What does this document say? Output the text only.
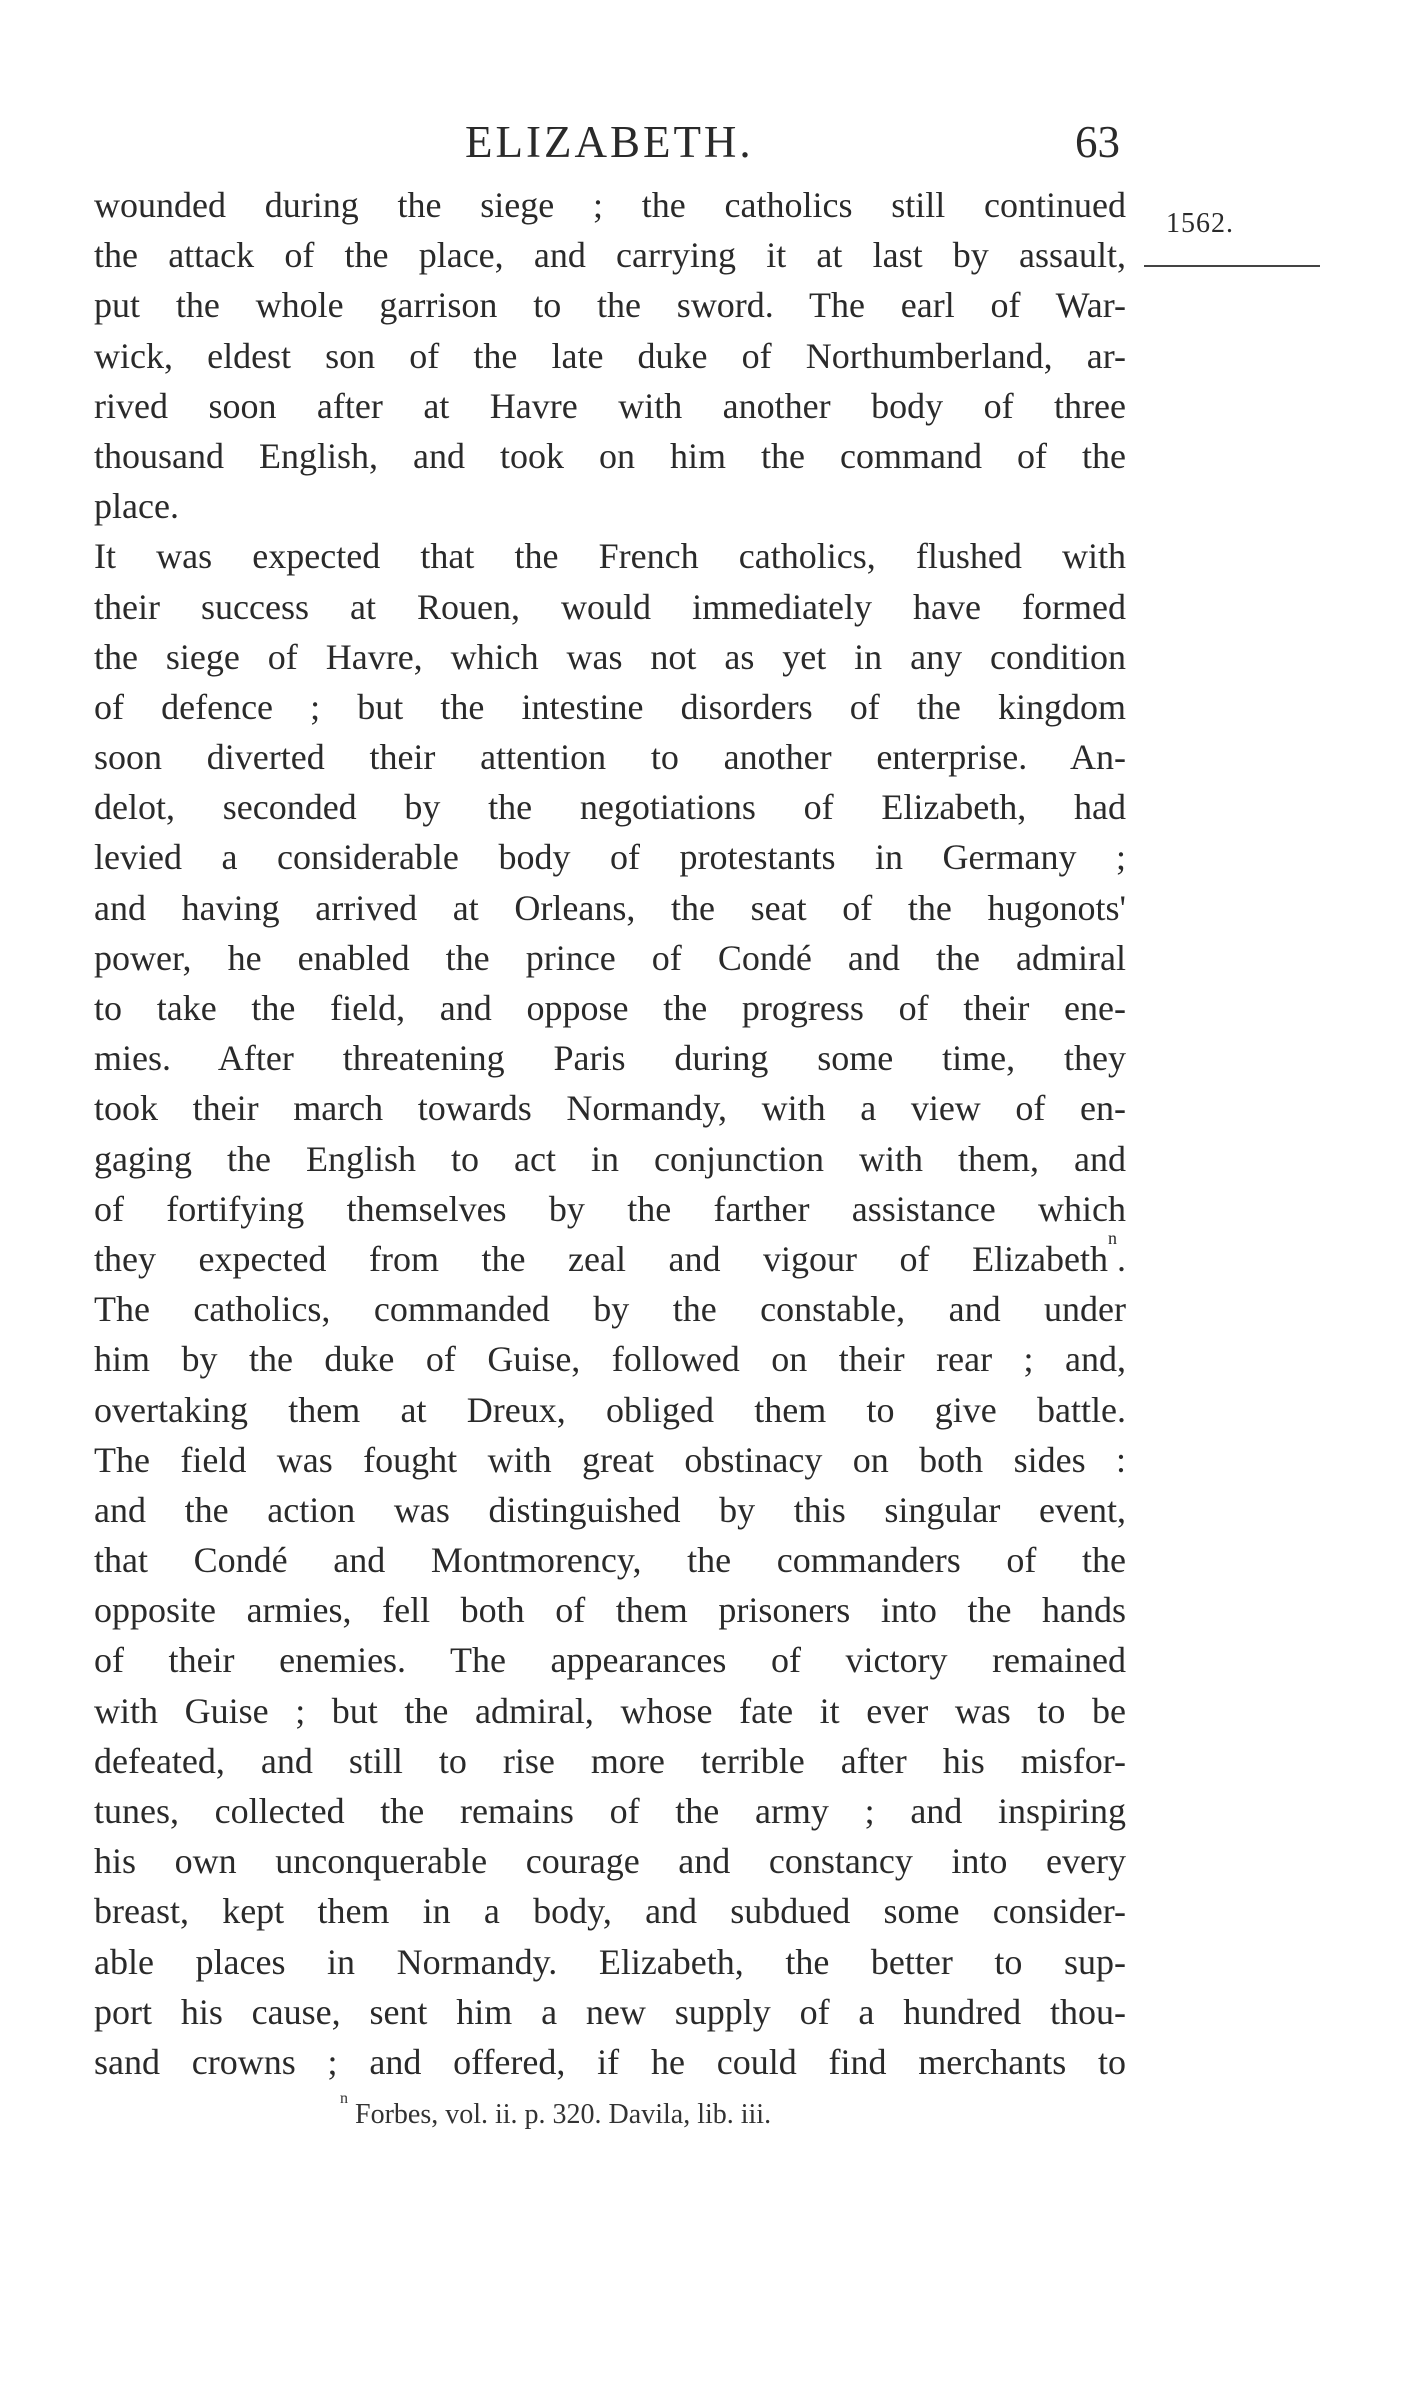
ELIZABETH.	63
1562.
wounded during the siege ; the catholics still continued
the attack of the place, and carrying it at last by assault,
put the whole garrison to the sword. The earl of War-
wick, eldest son of the late duke of Northumberland, ar-
rived soon after at Havre with another body of three
thousand English, and took on him the command of the
place.
It was expected that the French catholics, flushed with
their success at Rouen, would immediately have formed
the siege of Havre, which was not as yet in any condition
of defence ; but the intestine disorders of the kingdom
soon diverted their attention to another enterprise. An-
delot, seconded by the negotiations of Elizabeth, had
levied a considerable body of protestants in Germany ;
and having arrived at Orleans, the seat of the hugonots'
power, he enabled the prince of Condé and the admiral
to take the field, and oppose the progress of their ene-
mies. After threatening Paris during some time, they
took their march towards Normandy, with a view of en-
gaging the English to act in conjunction with them, and
of fortifying themselves by the farther assistance which
they expected from the zeal and vigour of Elizabeth$^n$.
The catholics, commanded by the constable, and under
him by the duke of Guise, followed on their rear ; and,
overtaking them at Dreux, obliged them to give battle.
The field was fought with great obstinacy on both sides :
and the action was distinguished by this singular event,
that Condé and Montmorency, the commanders of the
opposite armies, fell both of them prisoners into the hands
of their enemies. The appearances of victory remained
with Guise ; but the admiral, whose fate it ever was to be
defeated, and still to rise more terrible after his misfor-
tunes, collected the remains of the army ; and inspiring
his own unconquerable courage and constancy into every
breast, kept them in a body, and subdued some consider-
able places in Normandy. Elizabeth, the better to sup-
port his cause, sent him a new supply of a hundred thou-
sand crowns ; and offered, if he could find merchants to
$^n$ Forbes, vol. ii. p. 320. Davila, lib. iii.
